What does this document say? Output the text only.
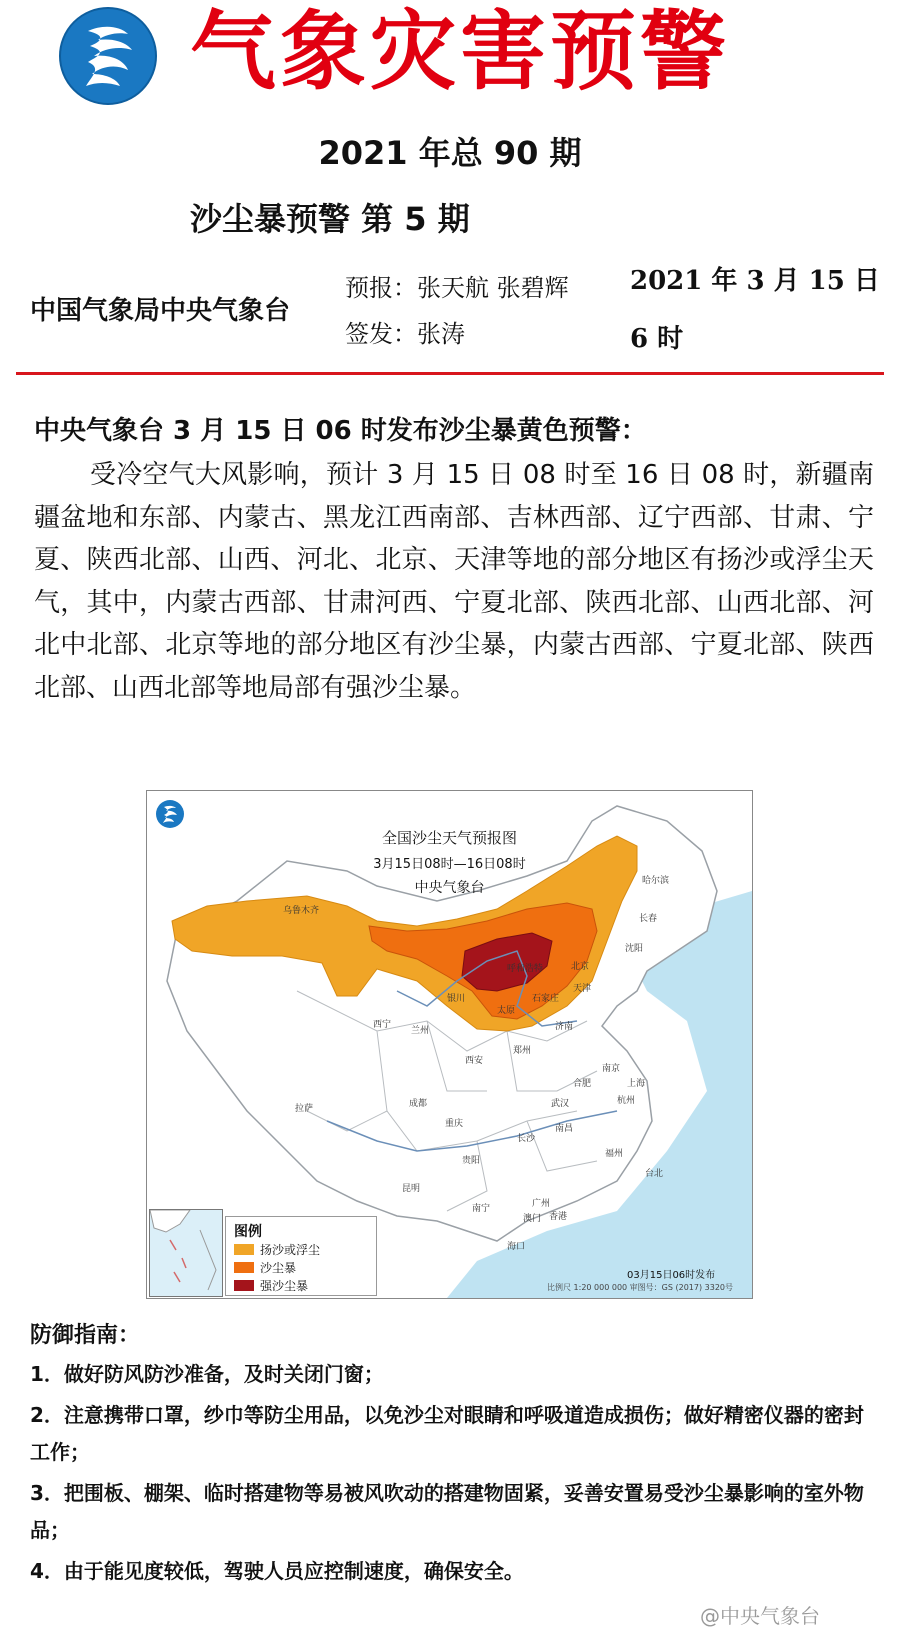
气象灾害预警
2021 年总 90 期
沙尘暴预警 第 5 期
中国气象局中央气象台
预报：张天航 张碧辉
签发：张涛
2021 年 3 月 15 日 6 时
中央气象台 3 月 15 日 06 时发布沙尘暴黄色预警：
受冷空气大风影响，预计 3 月 15 日 08 时至 16 日 08 时，新疆南疆盆地和东部、内蒙古、黑龙江西南部、吉林西部、辽宁西部、甘肃、宁夏、陕西北部、山西、河北、北京、天津等地的部分地区有扬沙或浮尘天气，其中，内蒙古西部、甘肃河西、宁夏北部、陕西北部、山西北部、河北中北部、北京等地的部分地区有沙尘暴，内蒙古西部、宁夏北部、陕西北部、山西北部等地局部有强沙尘暴。
全国沙尘天气预报图
3月15日08时—16日08时
中央气象台
乌鲁木齐
哈尔滨
长春
沈阳
北京
天津
石家庄
太原
济南
呼和浩特
银川
兰州
西宁
西安
郑州
合肥	上海
杭州
武汉
成都
重庆
长沙
南昌
贵阳
昆明
拉萨
南宁	广州
香港
澳门
海口
台北
福州
南京
图例
扬沙或浮尘
沙尘暴
强沙尘暴
03月15日06时发布
比例尺 1:20 000 000 审图号：GS (2017) 3320号
防御指南：
1．做好防风防沙准备，及时关闭门窗；
2．注意携带口罩，纱巾等防尘用品，以免沙尘对眼睛和呼吸道造成损伤；做好精密仪器的密封工作；
3．把围板、棚架、临时搭建物等易被风吹动的搭建物固紧，妥善安置易受沙尘暴影响的室外物品；
4．由于能见度较低，驾驶人员应控制速度，确保安全。
@中央气象台
